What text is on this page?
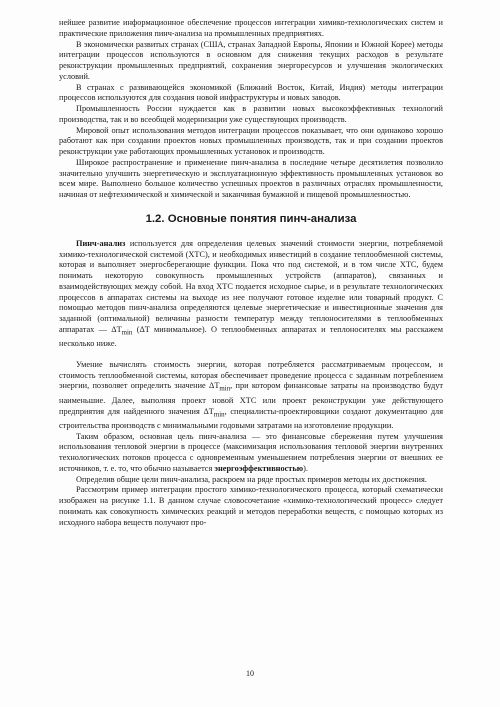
нейшее развитие информационное обеспечение процессов интеграции химико-технологических систем и практические приложения пинч-анализа на промышленных предприятиях.

В экономически развитых странах (США, странах Западной Европы, Японии и Южной Корее) методы интеграции процессов используются в основном для снижения текущих расходов в результате реконструкции промышленных предприятий, сохранения энергоресурсов и улучшения экологических условий.

В странах с развивающейся экономикой (Ближний Восток, Китай, Индия) методы интеграции процессов используются для создания новой инфраструктуры и новых заводов.

Промышленность России нуждается как в развитии новых высокоэффективных технологий производства, так и во всеобщей модернизации уже существующих производств.

Мировой опыт использования методов интеграции процессов показывает, что они одинаково хорошо работают как при создании проектов новых промышленных производств, так и при создании проектов реконструкции уже работающих промышленных установок и производств.

Широкое распространение и применение пинч-анализа в последние четыре десятилетия позволило значительно улучшить энергетическую и эксплуатационную эффективность промышленных установок во всем мире. Выполнено большое количество успешных проектов в различных отраслях промышленности, начиная от нефтехимической и химической и заканчивая бумажной и пищевой промышленностью.

1.2. Основные понятия пинч-анализа

Пинч-анализ используется для определения целевых значений стоимости энергии, потребляемой химико-технологической системой (ХТС), и необходимых инвестиций в создание теплообменной системы, которая и выполняет энергосберегающие функции. Пока что под системой, и в том числе ХТС, будем понимать некоторую совокупность промышленных устройств (аппаратов), связанных и взаимодействующих между собой. На вход ХТС подается исходное сырье, и в результате технологических процессов в аппаратах системы на выходе из нее получают готовое изделие или товарный продукт. С помощью методов пинч-анализа определяются целевые энергетические и инвестиционные значения для заданной (оптимальной) величины разности температур между теплоносителями в теплообменных аппаратах — $\Delta T_{min}$ (ΔT минимальное). О теплообменных аппаратах и теплоносителях мы расскажем несколько ниже.

Умение вычислять стоимость энергии, которая потребляется рассматриваемым процессом, и стоимость теплообменной системы, которая обеспечивает проведение процесса с заданным потреблением энергии, позволяет определить значение $\Delta T_{min}$, при котором финансовые затраты на производство будут наименьшие. Далее, выполняя проект новой ХТС или проект реконструкции уже действующего предприятия для найденного значения $\Delta T_{min}$, специалисты-проектировщики создают документацию для строительства производств с минимальными годовыми затратами на изготовление продукции.

Таким образом, основная цель пинч-анализа — это финансовые сбережения путем улучшения использования тепловой энергии в процессе (максимизация использования тепловой энергии внутренних технологических потоков процесса с одновременным уменьшением потребления энергии от внешних ее источников, т. е. то, что обычно называется энергоэффективностью).

Определив общие цели пинч-анализа, раскроем на ряде простых примеров методы их достижения.

Рассмотрим пример интеграции простого химико-технологического процесса, который схематически изображен на рисунке 1.1. В данном случае словосочетание «химико-технологический процесс» следует понимать как совокупность химических реакций и методов переработки веществ, с помощью которых из исходного набора веществ получают про-

10
